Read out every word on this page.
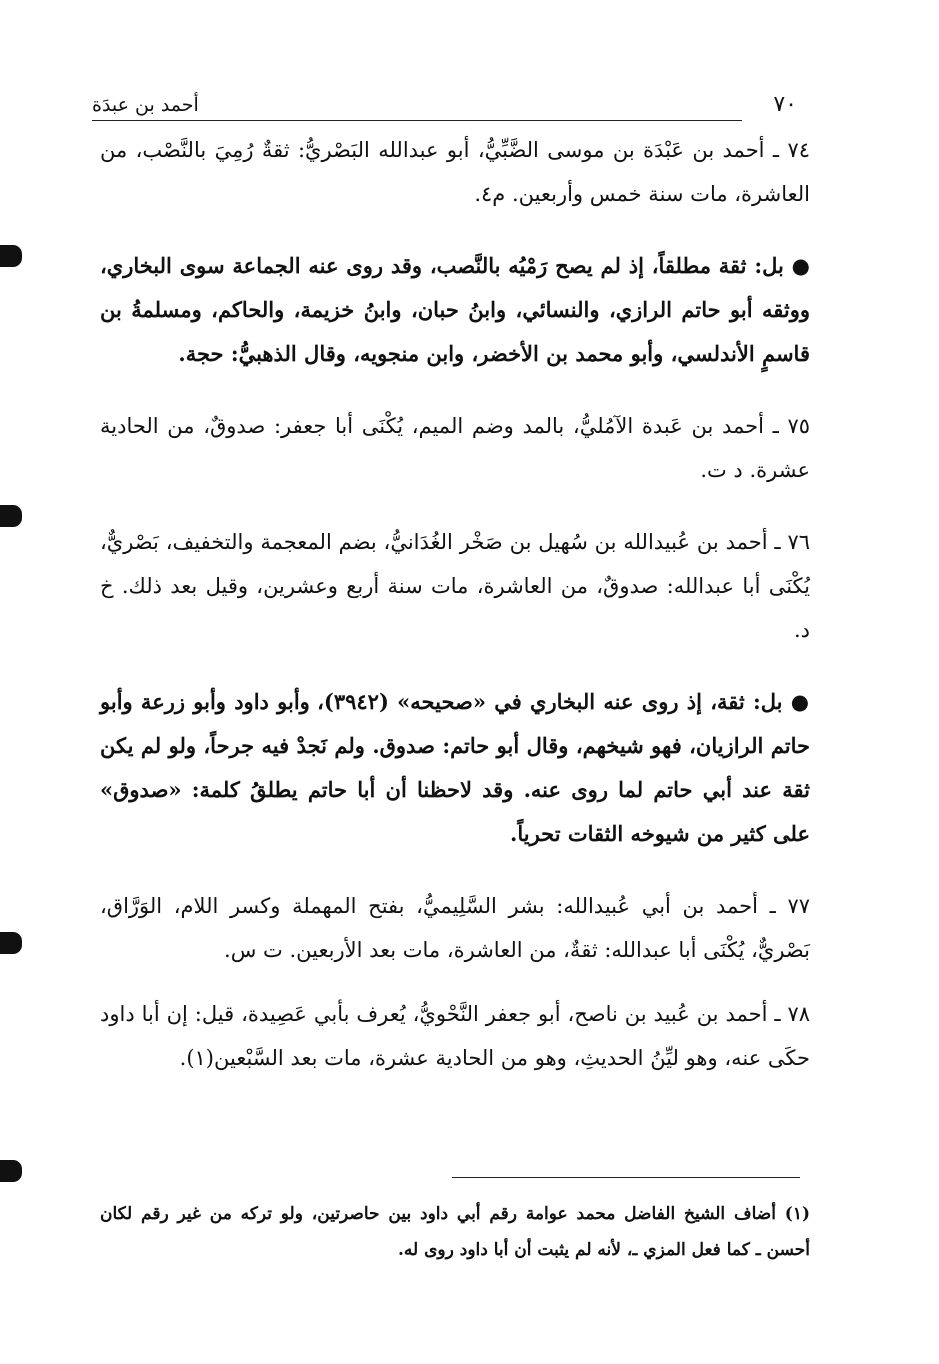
٧٠
أحمد بن عبدَة

٧٤ ـ أحمد بن عَبْدَة بن موسى الضَّبِّيُّ، أبو عبدالله البَصْريُّ: ثقةٌ رُمِيَ بالنَّصْب، من العاشرة، مات سنة خمس وأربعين. م٤.

● بل: ثقة مطلقاً، إذ لم يصح رَمْيُه بالنَّصب، وقد روى عنه الجماعة سوى البخاري، ووثقه أبو حاتم الرازي، والنسائي، وابنُ حبان، وابنُ خزيمة، والحاكم، ومسلمةُ بن قاسمٍ الأندلسي، وأبو محمد بن الأخضر، وابن منجويه، وقال الذهبيُّ: حجة.

٧٥ ـ أحمد بن عَبدة الآمُليُّ، بالمد وضم الميم، يُكْنَى أبا جعفر: صدوقٌ، من الحادية عشرة. د ت.

٧٦ ـ أحمد بن عُبيدالله بن سُهيل بن صَخْر الغُدَانيُّ، بضم المعجمة والتخفيف، بَصْريٌّ، يُكْنَى أبا عبدالله: صدوقٌ، من العاشرة، مات سنة أربع وعشرين، وقيل بعد ذلك. خ د.

● بل: ثقة، إذ روى عنه البخاري في «صحيحه» (٣٩٤٢)، وأبو داود وأبو زرعة وأبو حاتم الرازيان، فهو شيخهم، وقال أبو حاتم: صدوق. ولم نَجدْ فيه جرحاً، ولو لم يكن ثقة عند أبي حاتم لما روى عنه. وقد لاحظنا أن أبا حاتم يطلقُ كلمة: «صدوق» على كثير من شيوخه الثقات تحرياً.

٧٧ ـ أحمد بن أبي عُبيدالله: بشر السَّلِيميُّ، بفتح المهملة وكسر اللام، الوَرَّاق، بَصْريٌّ، يُكْنَى أبا عبدالله: ثقةٌ، من العاشرة، مات بعد الأربعين. ت س.

٧٨ ـ أحمد بن عُبيد بن ناصح، أبو جعفر النَّحْويُّ، يُعرف بأبي عَصِيدة، قيل: إن أبا داود حكَى عنه، وهو ليِّنُ الحديثِ، وهو من الحادية عشرة، مات بعد السَّبْعين(١).

(١) أضاف الشيخ الفاضل محمد عوامة رقم أبي داود بين حاصرتين، ولو تركه من غير رقم لكان أحسن ـ كما فعل المزي ـ، لأنه لم يثبت أن أبا داود روى له.
